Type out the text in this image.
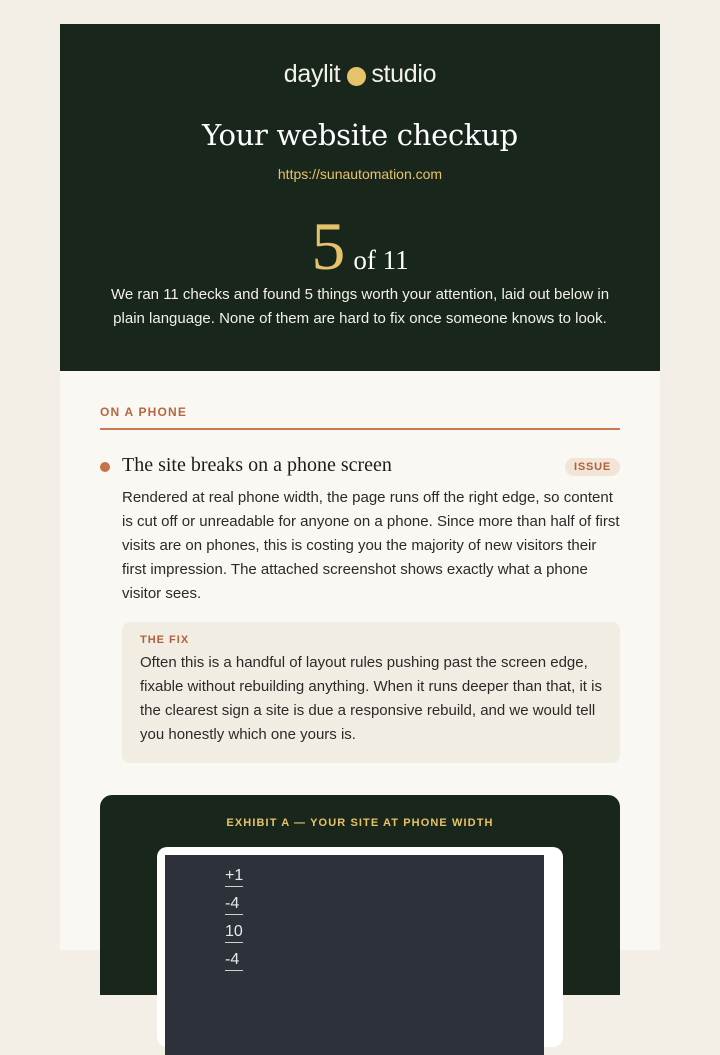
daylit studio
Your website checkup
https://sunautomation.com
5 of 11
We ran 11 checks and found 5 things worth your attention, laid out below in plain language. None of them are hard to fix once someone knows to look.
ON A PHONE
The site breaks on a phone screen	ISSUE
Rendered at real phone width, the page runs off the right edge, so content is cut off or unreadable for anyone on a phone. Since more than half of first visits are on phones, this is costing you the majority of new visitors their first impression. The attached screenshot shows exactly what a phone visitor sees.
THE FIX
Often this is a handful of layout rules pushing past the screen edge, fixable without rebuilding anything. When it runs deeper than that, it is the clearest sign a site is due a responsive rebuild, and we would tell you honestly which one yours is.
EXHIBIT A — YOUR SITE AT PHONE WIDTH
+1
-4
10
-4
